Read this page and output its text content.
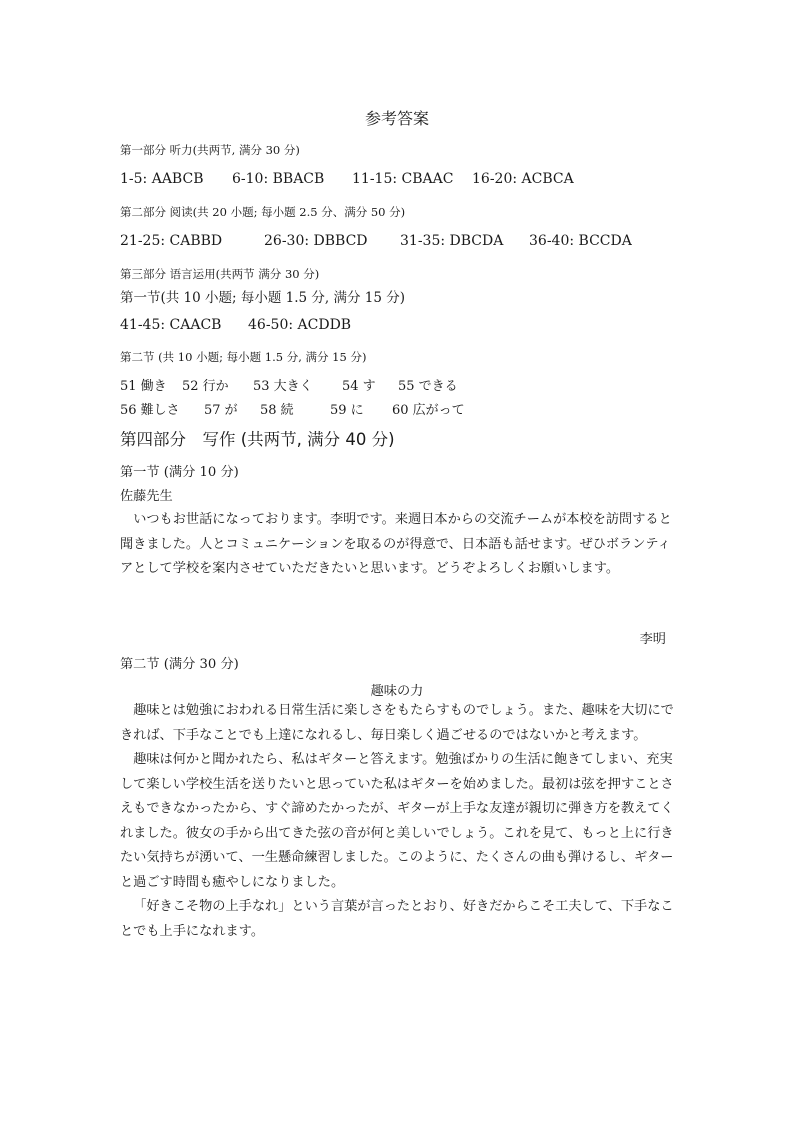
参考答案
第一部分 听力(共两节, 满分 30 分)
1-5: AABCB	6-10: BBACB	11-15: CBAAC	16-20: ACBCA
第二部分 阅读(共 20 小题; 每小题 2.5 分、满分 50 分)
21-25: CABBD	26-30: DBBCD	31-35: DBCDA	36-40: BCCDA
第三部分 语言运用(共两节 满分 30 分)
第一节(共 10 小题; 每小题 1.5 分, 满分 15 分)
41-45: CAACB	46-50: ACDDB
第二节 (共 10 小题; 每小题 1.5 分, 满分 15 分)
51 働き	52 行か	53 大きく	54 す	55 できる
56 難しさ	57 が	58 続	59 に	60 広がって
第四部分　写作 (共两节, 满分 40 分)
第一节 (满分 10 分)
佐藤先生

いつもお世話になっております。李明です。来週日本からの交流チームが本校を訪問すると聞きました。人とコミュニケーションを取るのが得意で、日本語も話せます。ぜひボランティアとして学校を案内させていただきたいと思います。どうぞよろしくお願いします。

李明
第二节 (满分 30 分)
趣味の力

趣味とは勉強におわれる日常生活に楽しさをもたらすものでしょう。また、趣味を大切にできれば、下手なことでも上達になれるし、毎日楽しく過ごせるのではないかと考えます。

趣味は何かと聞かれたら、私はギターと答えます。勉強ばかりの生活に飽きてしまい、充実して楽しい学校生活を送りたいと思っていた私はギターを始めました。最初は弦を押すことさえもできなかったから、すぐ諦めたかったが、ギターが上手な友達が親切に弾き方を教えてくれました。彼女の手から出てきた弦の音が何と美しいでしょう。これを見て、もっと上に行きたい気持ちが湧いて、一生懸命練習しました。このように、たくさんの曲も弾けるし、ギターと過ごす時間も癒やしになりました。

「好きこそ物の上手なれ」という言葉が言ったとおり、好きだからこそ工夫して、下手なことでも上手になれます。
